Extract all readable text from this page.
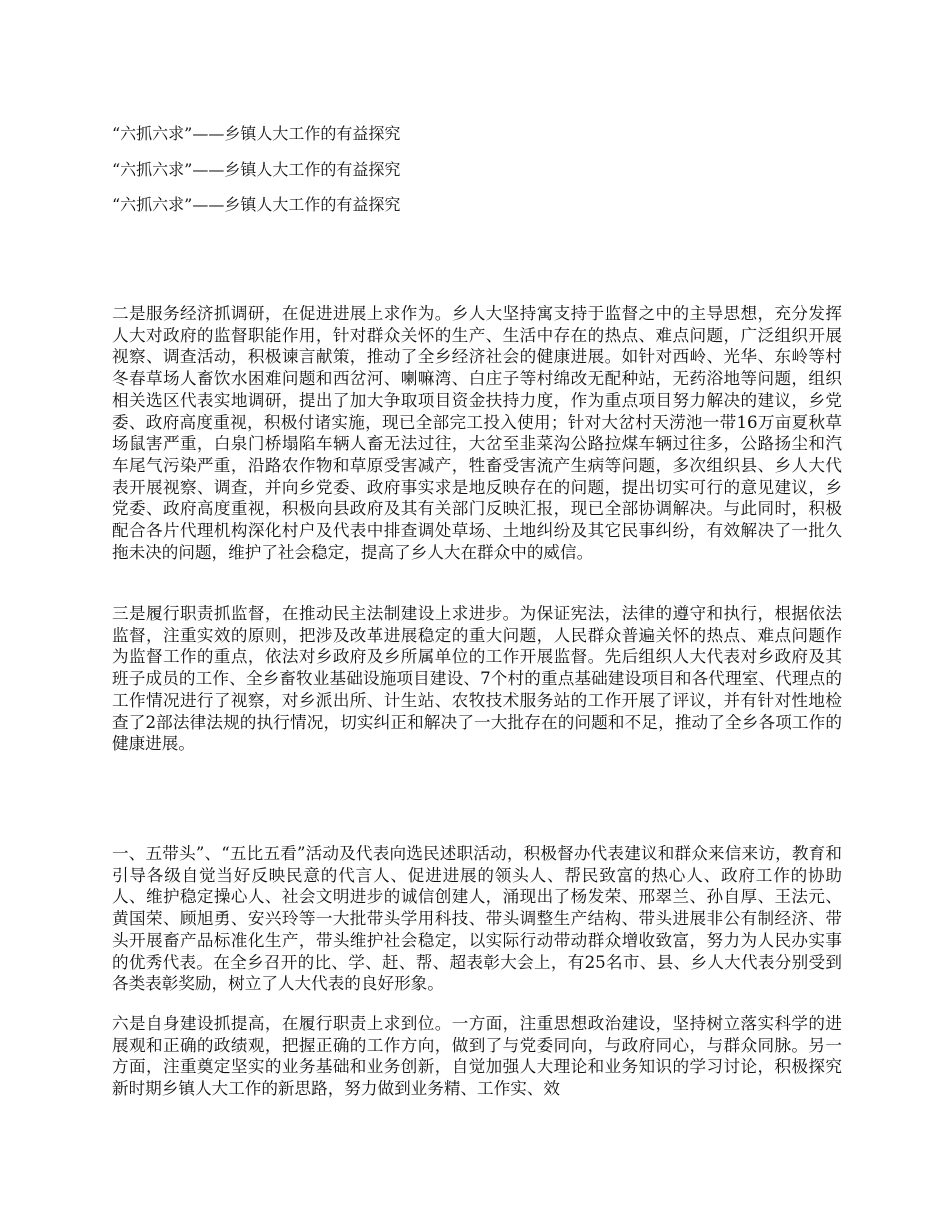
“六抓六求”——乡镇人大工作的有益探究
“六抓六求”——乡镇人大工作的有益探究
“六抓六求”——乡镇人大工作的有益探究

二是服务经济抓调研，在促进进展上求作为。乡人大坚持寓支持于监督之中的主导思想，充分发挥人大对政府的监督职能作用，针对群众关怀的生产、生活中存在的热点、难点问题，广泛组织开展视察、调查活动，积极谏言献策，推动了全乡经济社会的健康进展。如针对西岭、光华、东岭等村冬春草场人畜饮水困难问题和西岔河、喇嘛湾、白庄子等村绵改无配种站，无药浴地等问题，组织相关选区代表实地调研，提出了加大争取项目资金扶持力度，作为重点项目努力解决的建议，乡党委、政府高度重视，积极付诸实施，现已全部完工投入使用；针对大岔村天涝池一带16万亩夏秋草场鼠害严重，白泉门桥塌陷车辆人畜无法过往，大岔至韭菜沟公路拉煤车辆过往多，公路扬尘和汽车尾气污染严重，沿路农作物和草原受害减产，牲畜受害流产生病等问题，多次组织县、乡人大代表开展视察、调查，并向乡党委、政府事实求是地反映存在的问题，提出切实可行的意见建议，乡党委、政府高度重视，积极向县政府及其有关部门反映汇报，现已全部协调解决。与此同时，积极配合各片代理机构深化村户及代表中排查调处草场、土地纠纷及其它民事纠纷，有效解决了一批久拖未决的问题，维护了社会稳定，提高了乡人大在群众中的威信。

三是履行职责抓监督，在推动民主法制建设上求进步。为保证宪法，法律的遵守和执行，根据依法监督，注重实效的原则，把涉及改革进展稳定的重大问题，人民群众普遍关怀的热点、难点问题作为监督工作的重点，依法对乡政府及乡所属单位的工作开展监督。先后组织人大代表对乡政府及其班子成员的工作、全乡畜牧业基础设施项目建设、7个村的重点基础建设项目和各代理室、代理点的工作情况进行了视察，对乡派出所、计生站、农牧技术服务站的工作开展了评议，并有针对性地检查了2部法律法规的执行情况，切实纠正和解决了一大批存在的问题和不足，推动了全乡各项工作的健康进展。

一、五带头”、“五比五看”活动及代表向选民述职活动，积极督办代表建议和群众来信来访，教育和引导各级自觉当好反映民意的代言人、促进进展的领头人、帮民致富的热心人、政府工作的协助人、维护稳定操心人、社会文明进步的诚信创建人，涌现出了杨发荣、邢翠兰、孙自厚、王法元、黄国荣、顾旭勇、安兴玲等一大批带头学用科技、带头调整生产结构、带头进展非公有制经济、带头开展畜产品标准化生产，带头维护社会稳定，以实际行动带动群众增收致富，努力为人民办实事的优秀代表。在全乡召开的比、学、赶、帮、超表彰大会上，有25名市、县、乡人大代表分别受到各类表彰奖励，树立了人大代表的良好形象。

六是自身建设抓提高，在履行职责上求到位。一方面，注重思想政治建设，坚持树立落实科学的进展观和正确的政绩观，把握正确的工作方向，做到了与党委同向，与政府同心，与群众同脉。另一方面，注重奠定坚实的业务基础和业务创新，自觉加强人大理论和业务知识的学习讨论，积极探究新时期乡镇人大工作的新思路，努力做到业务精、工作实、效
